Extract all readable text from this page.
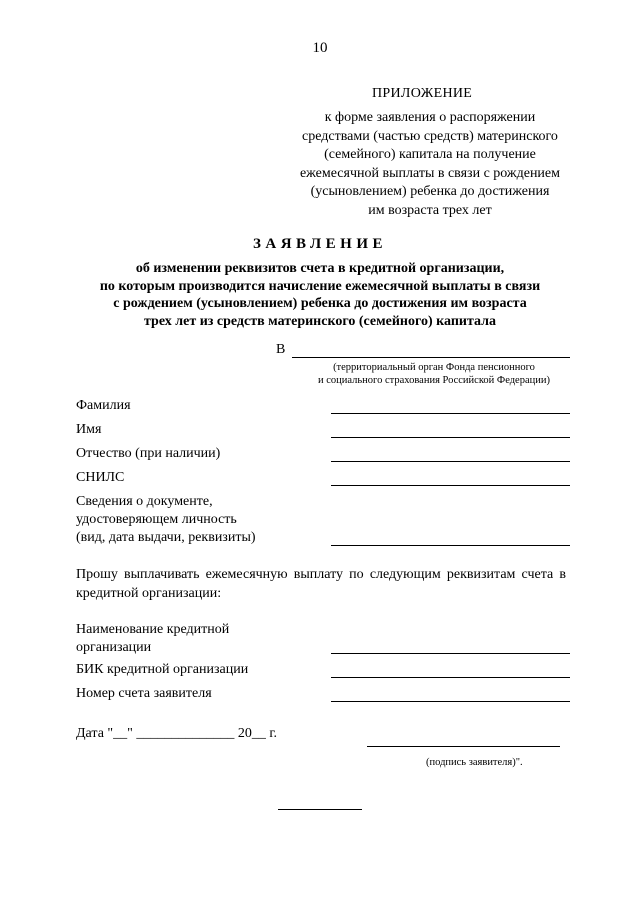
10
ПРИЛОЖЕНИЕ
к форме заявления о распоряжении
средствами (частью средств) материнского
(семейного) капитала на получение
ежемесячной выплаты в связи с рождением
(усыновлением) ребенка до достижения
им возраста трех лет
ЗАЯВЛЕНИЕ
об изменении реквизитов счета в кредитной организации,
по которым производится начисление ежемесячной выплаты в связи
с рождением (усыновлением) ребенка до достижения им возраста
трех лет из средств материнского (семейного) капитала
В
(территориальный орган Фонда пенсионного
и социального страхования Российской Федерации)
Фамилия
Имя
Отчество (при наличии)
СНИЛС
Сведения о документе,
удостоверяющем личность
(вид, дата выдачи, реквизиты)
Прошу выплачивать ежемесячную выплату по следующим реквизитам счета в кредитной организации:
Наименование кредитной
организации
БИК кредитной организации
Номер счета заявителя
Дата "__" ______________ 20__ г.
(подпись заявителя)".
